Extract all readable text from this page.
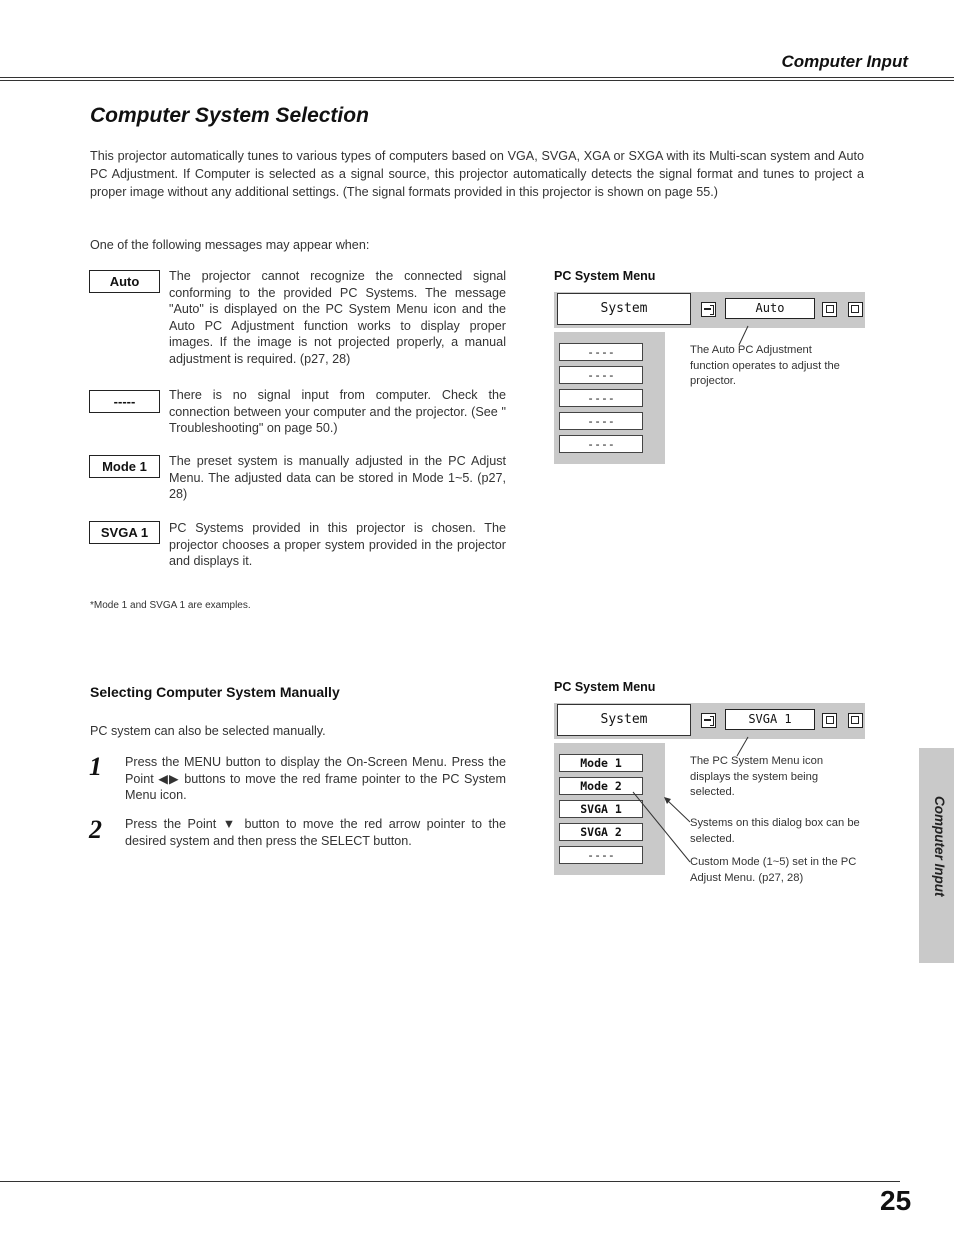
Computer Input
Computer System Selection
This projector automatically tunes to various types of computers based on VGA, SVGA, XGA or SXGA with its Multi-scan system and Auto PC Adjustment. If Computer is selected as a signal source, this projector automatically detects the signal format and tunes to project a proper image without any additional settings. (The signal formats provided in this projector is shown on page 55.)
One of the following messages may appear when:
Auto	The projector cannot recognize the connected signal conforming to the provided PC Systems. The message "Auto" is displayed on the PC System Menu icon and the Auto PC Adjustment function works to display proper images. If the image is not projected properly, a manual adjustment is required. (p27, 28)
-----	There is no signal input from computer. Check the connection between your computer and the projector. (See " Troubleshooting" on page 50.)
Mode 1	The preset system is manually adjusted in the PC Adjust Menu. The adjusted data can be stored in Mode 1~5. (p27, 28)
SVGA 1	PC Systems provided in this projector is chosen. The projector chooses a proper system provided in the projector and displays it.
*Mode 1 and SVGA 1 are examples.
PC System Menu
System	Auto
----
----
----
----
----
The Auto PC Adjustment function operates to adjust the projector.
Selecting Computer System Manually
PC system can also be selected manually.
1 Press the MENU button to display the On-Screen Menu. Press the Point ◀▶ buttons to move the red frame pointer to the PC System Menu icon.
2 Press the Point ▼ button to move the red arrow pointer to the desired system and then press the SELECT button.
PC System Menu
System	SVGA 1
Mode 1
Mode 2
SVGA 1
SVGA 2
----
The PC System Menu icon displays the system being selected.
Systems on this dialog box can be selected.
Custom Mode (1~5) set in the PC Adjust Menu. (p27, 28)	Computer Input
25
